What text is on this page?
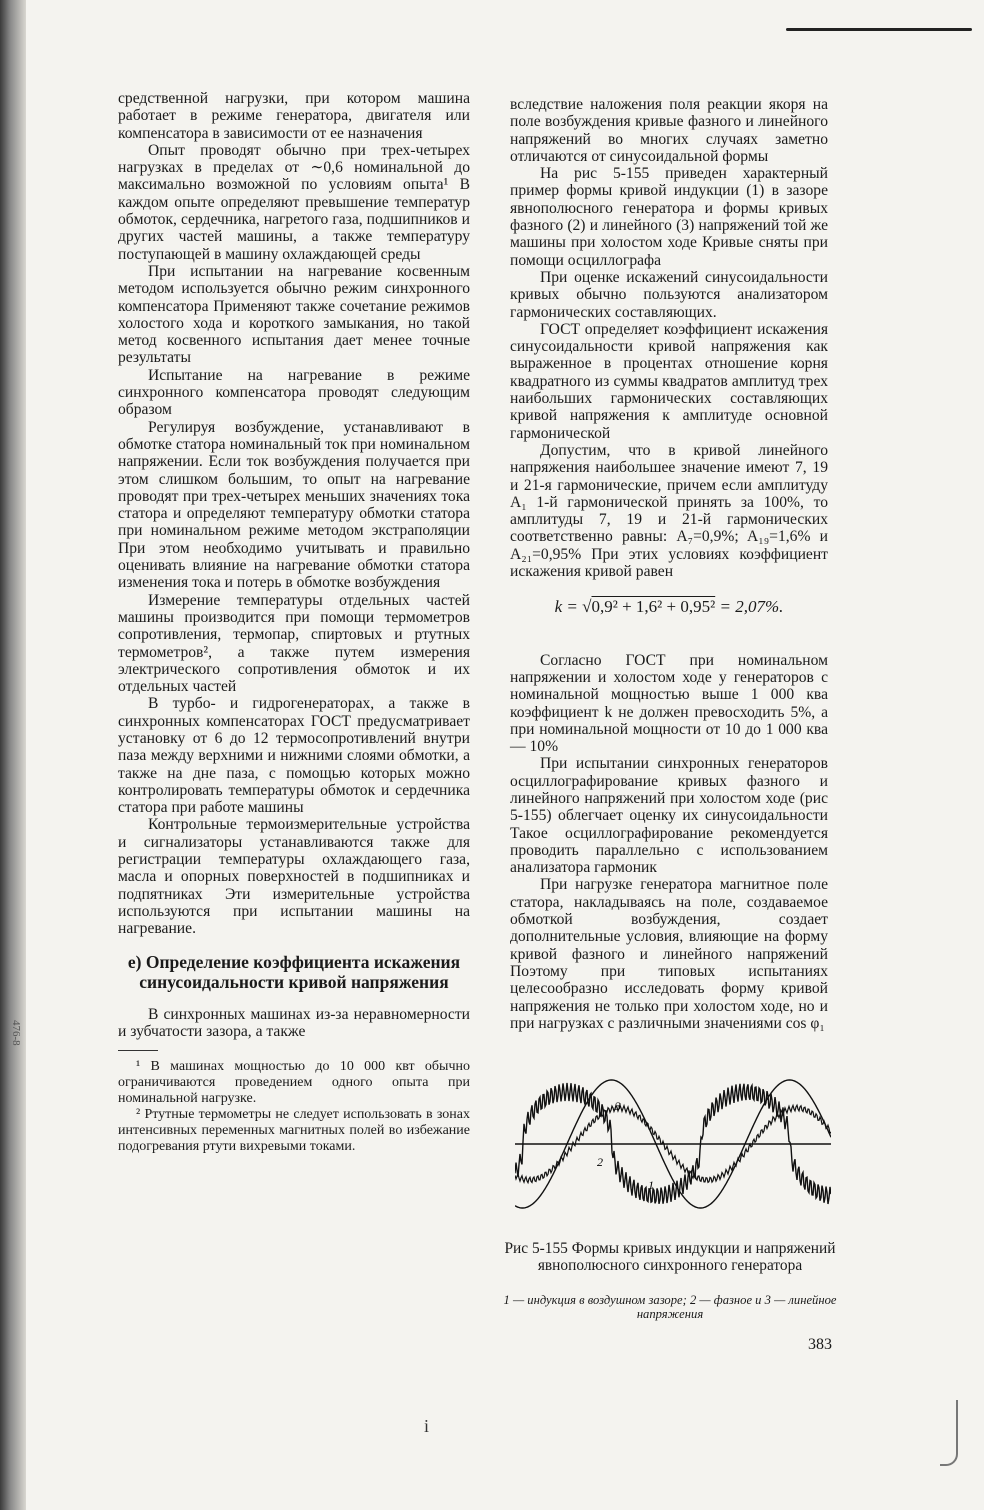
476-8

средственной нагрузки, при котором машина работает в режиме генератора, двигателя или компенсатора в зависимости от ее назначения

Опыт проводят обычно при трех-четырех нагрузках в пределах от ∼0,6 номинальной до максимально возможной по условиям опыта¹ В каждом опыте определяют превышение температур обмоток, сердечника, нагретого газа, подшипников и других частей машины, а также температуру поступающей в машину охлаждающей среды

При испытании на нагревание косвенным методом используется обычно режим синхронного компенсатора Применяют также сочетание режимов холостого хода и короткого замыкания, но такой метод косвенного испытания дает менее точные результаты

Испытание на нагревание в режиме синхронного компенсатора проводят следующим образом

Регулируя возбуждение, устанавливают в обмотке статора номинальный ток при номинальном напряжении. Если ток возбуждения получается при этом слишком большим, то опыт на нагревание проводят при трех-четырех меньших значениях тока статора и определяют температуру обмотки статора при номинальном режиме методом экстраполяции При этом необходимо учитывать и правильно оценивать влияние на нагревание обмотки статора изменения тока и потерь в обмотке возбуждения

Измерение температуры отдельных частей машины производится при помощи термометров сопротивления, термопар, спиртовых и ртутных термометров², а также путем измерения электрического сопротивления обмоток и их отдельных частей

В турбо- и гидрогенераторах, а также в синхронных компенсаторах ГОСТ предусматривает установку от 6 до 12 термосопротивлений внутри паза между верхними и нижними слоями обмотки, а также на дне паза, с помощью которых можно контролировать температуры обмоток и сердечника статора при работе машины

Контрольные термоизмерительные устройства и сигнализаторы устанавливаются также для регистрации температуры охлаждающего газа, масла и опорных поверхностей в подшипниках и подпятниках Эти измерительные устройства используются при испытании машины на нагревание.

е) Определение коэффициента искажения синусоидальности кривой напряжения

В синхронных машинах из-за неравномерности и зубчатости зазора, а также

¹ В машинах мощностью до 10 000 квт обычно ограничиваются проведением одного опыта при номинальной нагрузке.

² Ртутные термометры не следует использовать в зонах интенсивных переменных магнитных полей во избежание подогревания ртути вихревыми токами.

вследствие наложения поля реакции якоря на поле возбуждения кривые фазного и линейного напряжений во многих случаях заметно отличаются от синусоидальной формы

На рис 5-155 приведен характерный пример формы кривой индукции (1) в зазоре явнополюсного генератора и формы кривых фазного (2) и линейного (3) напряжений той же машины при холостом ходе Кривые сняты при помощи осциллографа

При оценке искажений синусоидальности кривых обычно пользуются анализатором гармонических составляющих.

ГОСТ определяет коэффициент искажения синусоидальности кривой напряжения как выраженное в процентах отношение корня квадратного из суммы квадратов амплитуд трех наибольших гармонических составляющих кривой напряжения к амплитуде основной гармонической

Допустим, что в кривой линейного напряжения наибольшее значение имеют 7, 19 и 21-я гармонические, причем если амплитуду A₁ 1-й гармонической принять за 100%, то амплитуды 7, 19 и 21-й гармонических соответственно равны: A₇=0,9%; A₁₉=1,6% и A₂₁=0,95% При этих условиях коэффициент искажения кривой равен

k = √0,9² + 1,6² + 0,95² = 2,07%.

Согласно ГОСТ при номинальном напряжении и холостом ходе у генераторов с номинальной мощностью выше 1 000 ква коэффициент k не должен превосходить 5%, а при номинальной мощности от 10 до 1 000 ква — 10%

При испытании синхронных генераторов осциллографирование кривых фазного и линейного напряжений при холостом ходе (рис 5-155) облегчает оценку их синусоидальности Такое осциллографирование рекомендуется проводить параллельно с использованием анализатора гармоник

При нагрузке генератора магнитное поле статора, накладываясь на поле, создаваемое обмоткой возбуждения, создает дополнительные условия, влияющие на форму кривой фазного и линейного напряжений Поэтому при типовых испытаниях целесообразно исследовать форму кривой напряжения не только при холостом ходе, но и при нагрузках с различными значениями cos φ₁

3
2
1
Рис 5-155 Формы кривых индукции и напряжений явнополюсного синхронного генератора
1 — индукция в воздушном зазоре; 2 — фазное и 3 — линейное напряжения
383
i
